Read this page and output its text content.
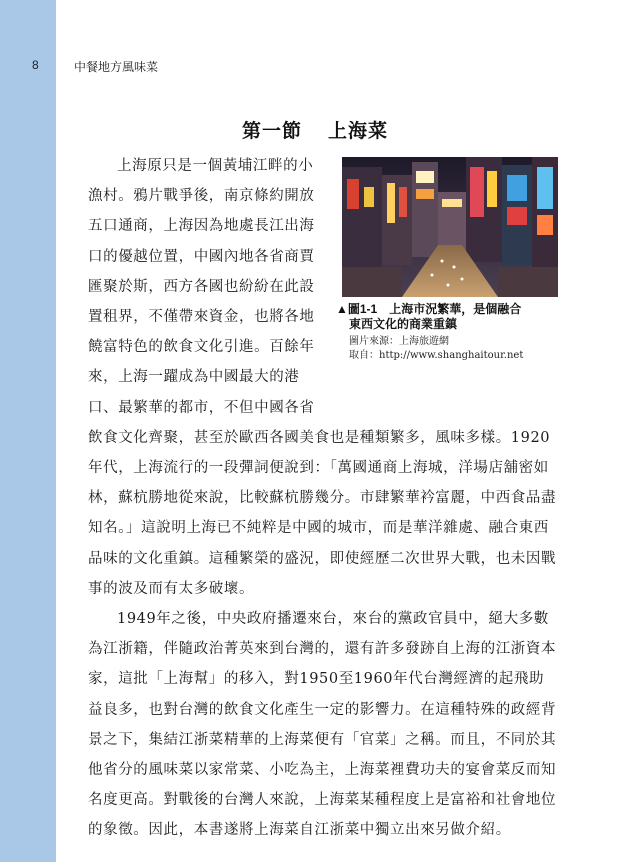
8	中餐地方風味菜
第一節 上海菜

▲圖1-1　上海市況繁華，是個融合
東西文化的商業重鎮

圖片來源：上海旅遊網
取自：http://www.shanghaitour.net

上海原只是一個黃埔江畔的小漁村。鴉片戰爭後，南京條約開放五口通商，上海因為地處長江出海口的優越位置，中國內地各省商賈匯聚於斯，西方各國也紛紛在此設置租界，不僅帶來資金，也將各地饒富特色的飲食文化引進。百餘年來，上海一躍成為中國最大的港口、最繁華的都市，不但中國各省飲食文化齊聚，甚至於歐西各國美食也是種類繁多，風味多樣。1920年代，上海流行的一段彈詞便說到：「萬國通商上海城，洋場店舖密如林，蘇杭勝地從來說，比較蘇杭勝幾分。市肆繁華衿富麗，中西食品盡知名。」這說明上海已不純粹是中國的城市，而是華洋雜處、融合東西品味的文化重鎮。這種繁榮的盛況，即使經歷二次世界大戰，也未因戰事的波及而有太多破壞。

1949年之後，中央政府播遷來台，來台的黨政官員中，絕大多數為江浙籍，伴隨政治菁英來到台灣的，還有許多發跡自上海的江浙資本家，這批「上海幫」的移入，對1950至1960年代台灣經濟的起飛助益良多，也對台灣的飲食文化產生一定的影響力。在這種特殊的政經背景之下，集結江浙菜精華的上海菜便有「官菜」之稱。而且，不同於其他省分的風味菜以家常菜、小吃為主，上海菜裡費功夫的宴會菜反而知名度更高。對戰後的台灣人來說，上海菜某種程度上是富裕和社會地位的象徵。因此，本書遂將上海菜自江浙菜中獨立出來另做介紹。
